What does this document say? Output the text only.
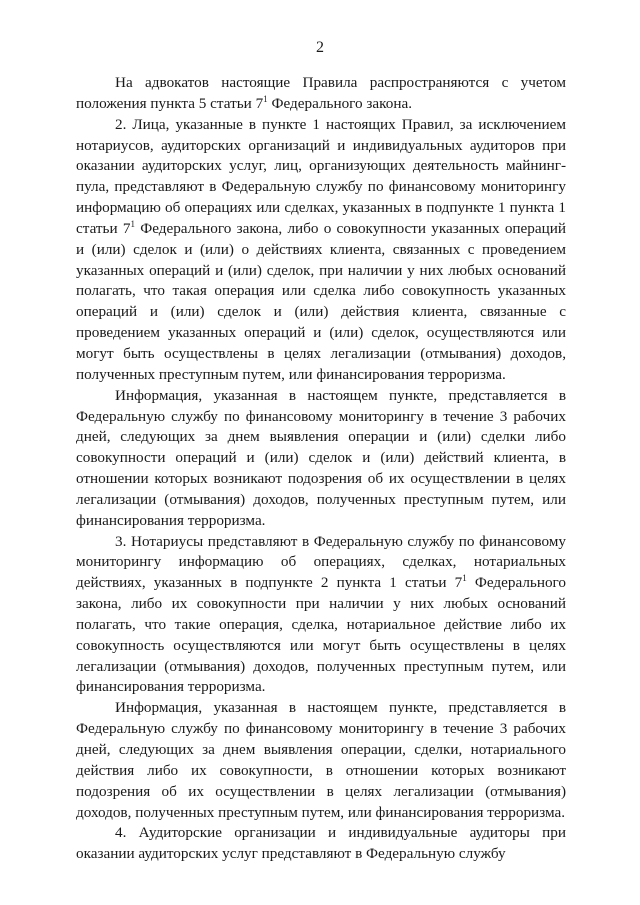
2

На адвокатов настоящие Правила распространяются с учетом положения пункта 5 статьи $7^1$ Федерального закона.

2. Лица, указанные в пункте 1 настоящих Правил, за исключением нотариусов, аудиторских организаций и индивидуальных аудиторов при оказании аудиторских услуг, лиц, организующих деятельность майнинг-пула, представляют в Федеральную службу по финансовому мониторингу информацию об операциях или сделках, указанных в подпункте 1 пункта 1 статьи $7^1$ Федерального закона, либо о совокупности указанных операций и (или) сделок и (или) о действиях клиента, связанных с проведением указанных операций и (или) сделок, при наличии у них любых оснований полагать, что такая операция или сделка либо совокупность указанных операций и (или) сделок и (или) действия клиента, связанные с проведением указанных операций и (или) сделок, осуществляются или могут быть осуществлены в целях легализации (отмывания) доходов, полученных преступным путем, или финансирования терроризма.

Информация, указанная в настоящем пункте, представляется в Федеральную службу по финансовому мониторингу в течение 3 рабочих дней, следующих за днем выявления операции и (или) сделки либо совокупности операций и (или) сделок и (или) действий клиента, в отношении которых возникают подозрения об их осуществлении в целях легализации (отмывания) доходов, полученных преступным путем, или финансирования терроризма.

3. Нотариусы представляют в Федеральную службу по финансовому мониторингу информацию об операциях, сделках, нотариальных действиях, указанных в подпункте 2 пункта 1 статьи $7^1$ Федерального закона, либо их совокупности при наличии у них любых оснований полагать, что такие операция, сделка, нотариальное действие либо их совокупность осуществляются или могут быть осуществлены в целях легализации (отмывания) доходов, полученных преступным путем, или финансирования терроризма.

Информация, указанная в настоящем пункте, представляется в Федеральную службу по финансовому мониторингу в течение 3 рабочих дней, следующих за днем выявления операции, сделки, нотариального действия либо их совокупности, в отношении которых возникают подозрения об их осуществлении в целях легализации (отмывания) доходов, полученных преступным путем, или финансирования терроризма.

4. Аудиторские организации и индивидуальные аудиторы при оказании аудиторских услуг представляют в Федеральную службу
